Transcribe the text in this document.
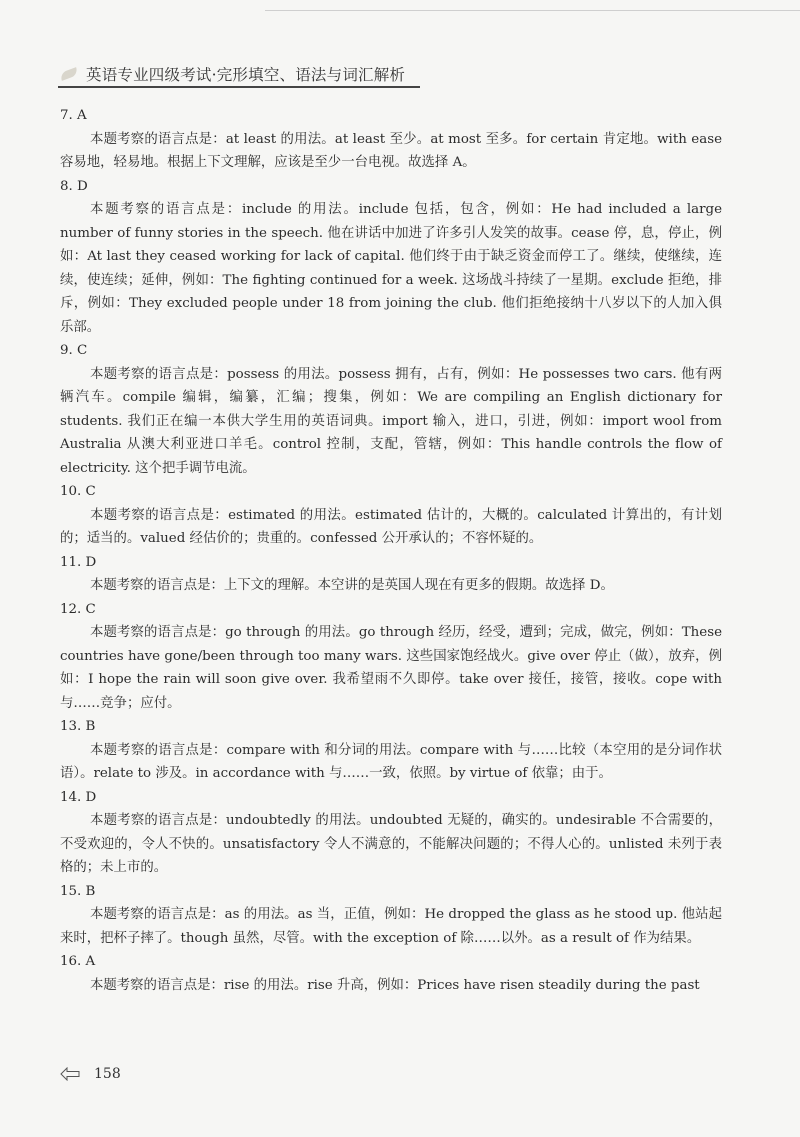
英语专业四级考试·完形填空、语法与词汇解析

7. A

本题考察的语言点是：at least 的用法。at least 至少。at most 至多。for certain 肯定地。with ease 容易地，轻易地。根据上下文理解，应该是至少一台电视。故选择 A。

8. D

本题考察的语言点是：include 的用法。include 包括，包含，例如：He had included a large number of funny stories in the speech. 他在讲话中加进了许多引人发笑的故事。cease 停，息，停止，例如：At last they ceased working for lack of capital. 他们终于由于缺乏资金而停工了。继续，使继续，连续，使连续；延伸，例如：The fighting continued for a week. 这场战斗持续了一星期。exclude 拒绝，排斥，例如：They excluded people under 18 from joining the club. 他们拒绝接纳十八岁以下的人加入俱乐部。

9. C

本题考察的语言点是：possess 的用法。possess 拥有，占有，例如：He possesses two cars. 他有两辆汽车。compile 编辑，编纂，汇编；搜集，例如：We are compiling an English dictionary for students. 我们正在编一本供大学生用的英语词典。import 输入，进口，引进，例如：import wool from Australia 从澳大利亚进口羊毛。control 控制，支配，管辖，例如：This handle controls the flow of electricity. 这个把手调节电流。

10. C

本题考察的语言点是：estimated 的用法。estimated 估计的，大概的。calculated 计算出的，有计划的；适当的。valued 经估价的；贵重的。confessed 公开承认的；不容怀疑的。

11. D

本题考察的语言点是：上下文的理解。本空讲的是英国人现在有更多的假期。故选择 D。

12. C

本题考察的语言点是：go through 的用法。go through 经历，经受，遭到；完成，做完，例如：These countries have gone/been through too many wars. 这些国家饱经战火。give over 停止（做），放弃，例如：I hope the rain will soon give over. 我希望雨不久即停。take over 接任，接管，接收。cope with 与……竞争；应付。

13. B

本题考察的语言点是：compare with 和分词的用法。compare with 与……比较（本空用的是分词作状语）。relate to 涉及。in accordance with 与……一致，依照。by virtue of 依靠；由于。

14. D

本题考察的语言点是：undoubtedly 的用法。undoubted 无疑的，确实的。undesirable 不合需要的，不受欢迎的，令人不快的。unsatisfactory 令人不满意的，不能解决问题的；不得人心的。unlisted 未列于表格的；未上市的。

15. B

本题考察的语言点是：as 的用法。as 当，正值，例如：He dropped the glass as he stood up. 他站起来时，把杯子摔了。though 虽然，尽管。with the exception of 除……以外。as a result of 作为结果。

16. A

本题考察的语言点是：rise 的用法。rise 升高，例如：Prices have risen steadily during the past

158
